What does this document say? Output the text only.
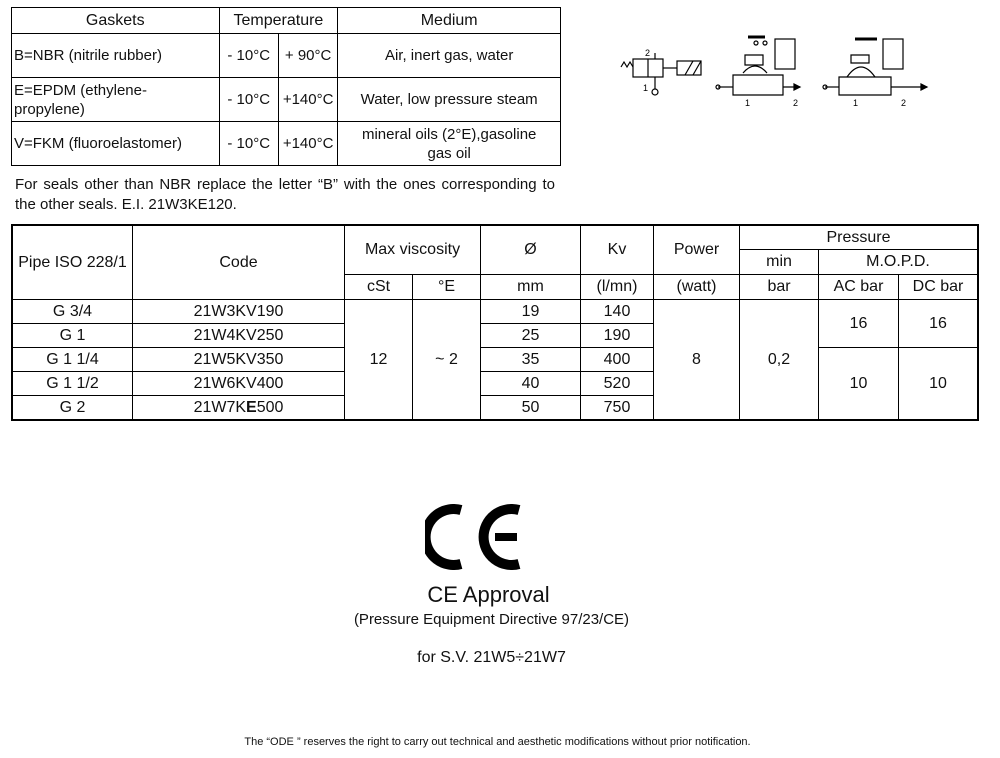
Gaskets	Temperature		Medium
B=NBR (nitrile rubber)	- 10°C	+ 90°C	Air, inert gas, water
E=EPDM (ethylene-propylene)	- 10°C	+140°C	Water, low pressure steam
V=FKM (fluoroelastomer)	- 10°C	+140°C	mineral oils (2°E),gasoline gas oil
For seals other than NBR replace the letter “B” with the ones corresponding to the other seals. E.I. 21W3KE120.
2
1
1	2	1	2
Pipe ISO 228/1	Code	Max viscosity		Ø	Kv	Power	Pressure		
							min	M.O.P.D.	
		cSt	°E	mm	(l/mn)	(watt)	bar	AC bar	DC bar
G 3/4	21W3KV190	12	~ 2	19	140	8	0,2	16	16
G 1	21W4KV250			25	190				
G 1 1/4	21W5KV350			35	400			10	10
G 1 1/2	21W6KV400			40	520				
G 2	21W7KE500			50	750				
CE Approval
(Pressure Equipment Directive 97/23/CE)
for S.V. 21W5÷21W7
The “ODE ” reserves the right to carry out technical and aesthetic modifications without prior notification.
